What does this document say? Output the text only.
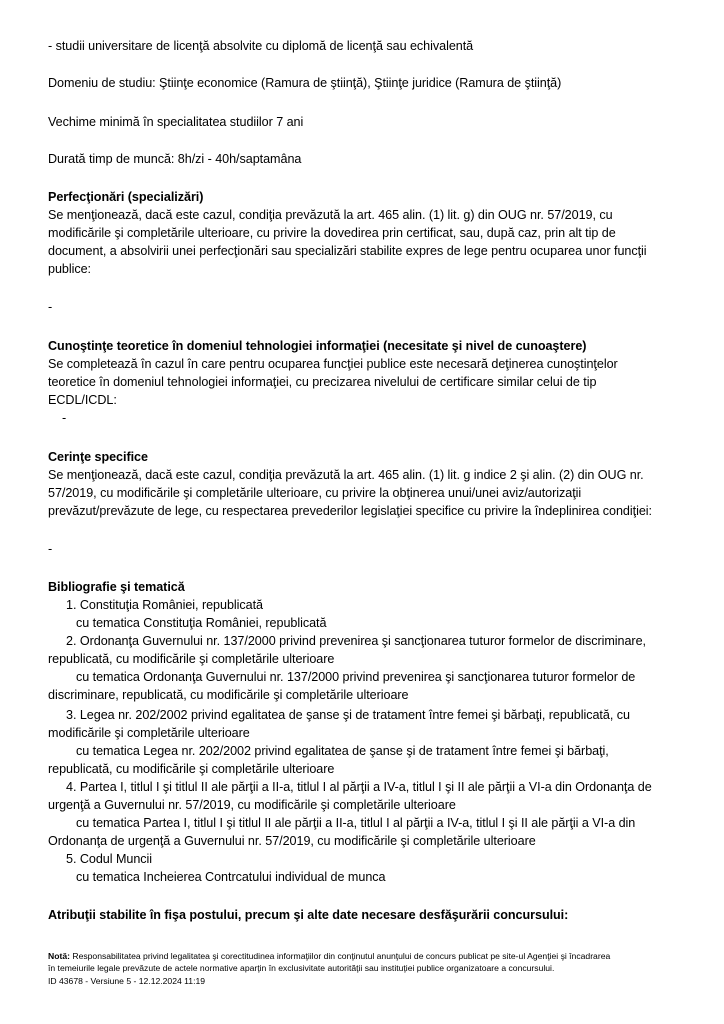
- studii universitare de licenţă absolvite cu diplomă de licenţă sau echivalentă
Domeniu de studiu: Ştiinţe economice (Ramura de ştiinţă), Ştiinţe juridice (Ramura de ştiinţă)
Vechime minimă în specialitatea studiilor 7 ani
Durată timp de muncă: 8h/zi - 40h/saptamâna
Perfecţionări (specializări)
Se menţionează, dacă este cazul, condiţia prevăzută la art. 465 alin. (1) lit. g) din OUG nr. 57/2019, cu
modificările şi completările ulterioare, cu privire la dovedirea prin certificat, sau, după caz, prin alt tip de
document, a absolvirii unei perfecţionări sau specializări stabilite expres de lege pentru ocuparea unor funcţii
publice:
-
Cunoştinţe teoretice în domeniul tehnologiei informaţiei (necesitate şi nivel de cunoaştere)
Se completează în cazul în care pentru ocuparea funcţiei publice este necesară deţinerea cunoştinţelor
teoretice în domeniul tehnologiei informaţiei, cu precizarea nivelului de certificare similar celui de tip
ECDL/ICDL:
-
Cerinţe specifice
Se menţionează, dacă este cazul, condiţia prevăzută la art. 465 alin. (1) lit. g indice 2 şi alin. (2) din OUG nr.
57/2019, cu modificările şi completările ulterioare, cu privire la obţinerea unui/unei aviz/autorizaţii
prevăzut/prevăzute de lege, cu respectarea prevederilor legislaţiei specifice cu privire la îndeplinirea condiţiei:
-
Bibliografie şi tematică
1. Constituţia României, republicată
cu tematica Constituţia României, republicată
2. Ordonanţa Guvernului nr. 137/2000 privind prevenirea şi sancţionarea tuturor formelor de discriminare,
republicată, cu modificările şi completările ulterioare
cu tematica Ordonanţa Guvernului nr. 137/2000 privind prevenirea şi sancţionarea tuturor formelor de
discriminare, republicată, cu modificările şi completările ulterioare
3. Legea nr. 202/2002 privind egalitatea de şanse şi de tratament între femei şi bărbaţi, republicată, cu
modificările şi completările ulterioare
cu tematica Legea nr. 202/2002 privind egalitatea de şanse şi de tratament între femei şi bărbaţi,
republicată, cu modificările şi completările ulterioare
4. Partea I, titlul I şi titlul II ale părţii a II-a, titlul I al părţii a IV-a, titlul I şi II ale părţii a VI-a din Ordonanţa de
urgenţă a Guvernului nr. 57/2019, cu modificările şi completările ulterioare
cu tematica Partea I, titlul I şi titlul II ale părţii a II-a, titlul I al părţii a IV-a, titlul I şi II ale părţii a VI-a din
Ordonanţa de urgenţă a Guvernului nr. 57/2019, cu modificările şi completările ulterioare
5. Codul Muncii
cu tematica Incheierea Contrcatului individual de munca
Atribuţii stabilite în fişa postului, precum şi alte date necesare desfăşurării concursului:
Notă: Responsabilitatea privind legalitatea şi corectitudinea informaţiilor din conţinutul anunţului de concurs publicat pe site-ul Agenţiei şi încadrarea
în temeiurile legale prevăzute de actele normative aparţin în exclusivitate autorităţii sau instituţiei publice organizatoare a concursului.
ID 43678 - Versiune 5 - 12.12.2024 11:19
